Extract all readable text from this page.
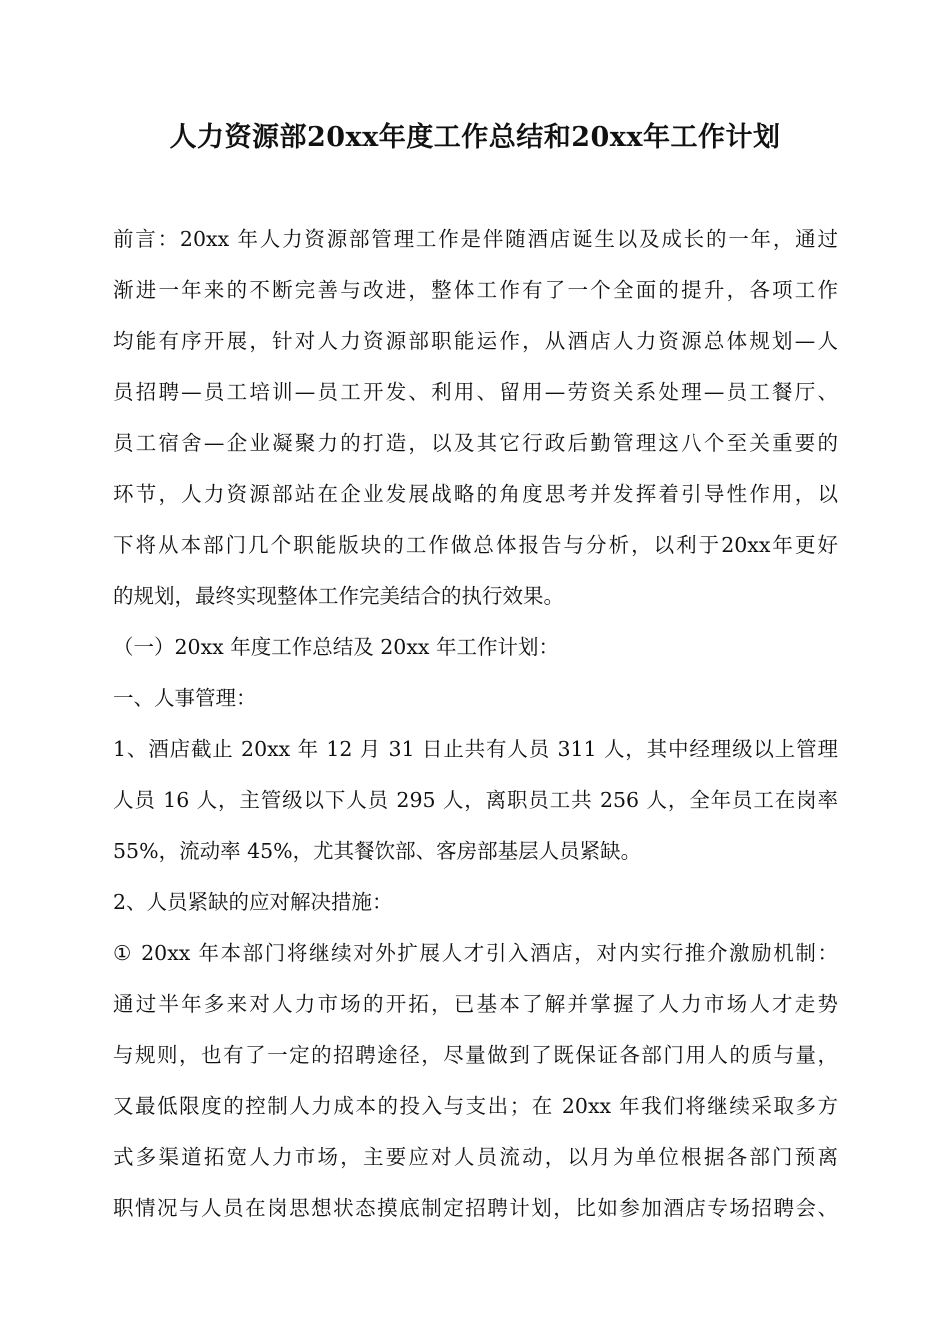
人力资源部20xx年度工作总结和20xx年工作计划
前言：20xx 年人力资源部管理工作是伴随酒店诞生以及成长的一年，通过
渐进一年来的不断完善与改进，整体工作有了一个全面的提升，各项工作
均能有序开展，针对人力资源部职能运作，从酒店人力资源总体规划—人
员招聘—员工培训—员工开发、利用、留用—劳资关系处理—员工餐厅、
员工宿舍—企业凝聚力的打造，以及其它行政后勤管理这八个至关重要的
环节，人力资源部站在企业发展战略的角度思考并发挥着引导性作用，以
下将从本部门几个职能版块的工作做总体报告与分析，以利于20xx年更好
的规划，最终实现整体工作完美结合的执行效果。
（一）20xx 年度工作总结及 20xx 年工作计划：
一、人事管理：
1、酒店截止 20xx 年 12 月 31 日止共有人员 311 人，其中经理级以上管理
人员 16 人，主管级以下人员 295 人，离职员工共 256 人，全年员工在岗率
55%，流动率 45%，尤其餐饮部、客房部基层人员紧缺。
2、人员紧缺的应对解决措施：
① 20xx 年本部门将继续对外扩展人才引入酒店，对内实行推介激励机制：
通过半年多来对人力市场的开拓，已基本了解并掌握了人力市场人才走势
与规则，也有了一定的招聘途径，尽量做到了既保证各部门用人的质与量，
又最低限度的控制人力成本的投入与支出；在 20xx 年我们将继续采取多方
式多渠道拓宽人力市场，主要应对人员流动，以月为单位根据各部门预离
职情况与人员在岗思想状态摸底制定招聘计划，比如参加酒店专场招聘会、
